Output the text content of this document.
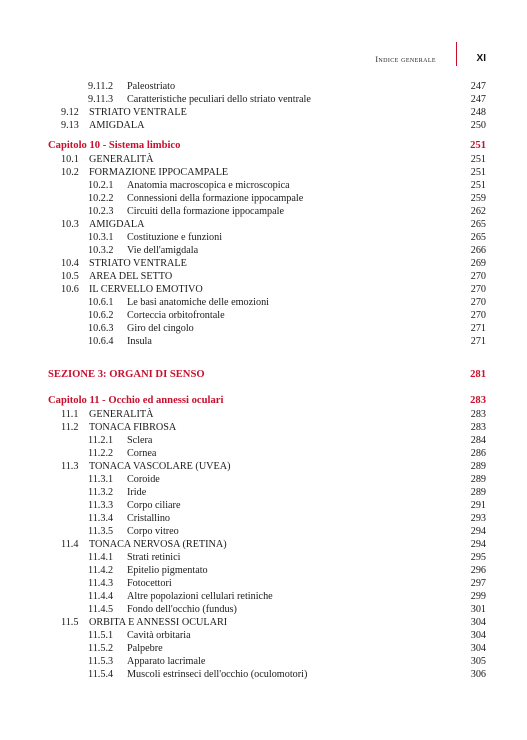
Indice generale	XI
9.11.2 Paleostriato	247
9.11.3 Caratteristiche peculiari dello striato ventrale	247
9.12 STRIATO VENTRALE	248
9.13 AMIGDALA	250
Capitolo 10 - Sistema limbico	251
10.1 GENERALITÀ	251
10.2 FORMAZIONE IPPOCAMPALE	251
10.2.1 Anatomia macroscopica e microscopica	251
10.2.2 Connessioni della formazione ippocampale	259
10.2.3 Circuiti della formazione ippocampale	262
10.3 AMIGDALA	265
10.3.1 Costituzione e funzioni	265
10.3.2 Vie dell'amigdala	266
10.4 STRIATO VENTRALE	269
10.5 AREA DEL SETTO	270
10.6 IL CERVELLO EMOTIVO	270
10.6.1 Le basi anatomiche delle emozioni	270
10.6.2 Corteccia orbitofrontale	270
10.6.3 Giro del cingolo	271
10.6.4 Insula	271
SEZIONE 3: ORGANI DI SENSO	281
Capitolo 11 - Occhio ed annessi oculari	283
11.1 GENERALITÀ	283
11.2 TONACA FIBROSA	283
11.2.1 Sclera	284
11.2.2 Cornea	286
11.3 TONACA VASCOLARE (UVEA)	289
11.3.1 Coroide	289
11.3.2 Iride	289
11.3.3 Corpo ciliare	291
11.3.4 Cristallino	293
11.3.5 Corpo vitreo	294
11.4 TONACA NERVOSA (RETINA)	294
11.4.1 Strati retinici	295
11.4.2 Epitelio pigmentato	296
11.4.3 Fotocettori	297
11.4.4 Altre popolazioni cellulari retiniche	299
11.4.5 Fondo dell'occhio (fundus)	301
11.5 ORBITA E ANNESSI OCULARI	304
11.5.1 Cavità orbitaria	304
11.5.2 Palpebre	304
11.5.3 Apparato lacrimale	305
11.5.4 Muscoli estrinseci dell'occhio (oculomotori)	306
